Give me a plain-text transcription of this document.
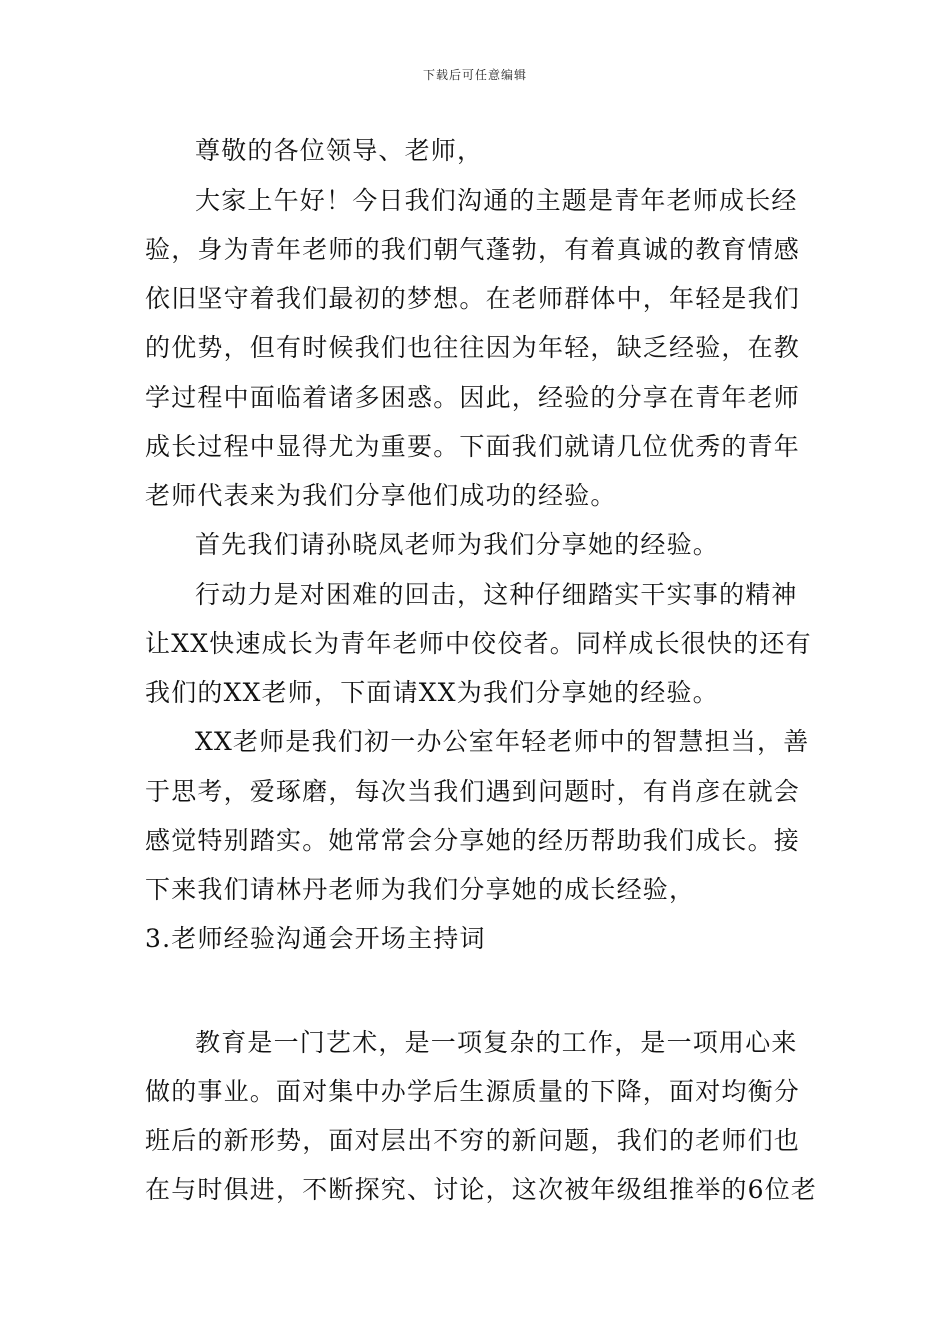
下载后可任意编辑
尊敬的各位领导、老师，
大家上午好！今日我们沟通的主题是青年老师成长经
验，身为青年老师的我们朝气蓬勃，有着真诚的教育情感
依旧坚守着我们最初的梦想。在老师群体中，年轻是我们
的优势，但有时候我们也往往因为年轻，缺乏经验，在教
学过程中面临着诸多困惑。因此，经验的分享在青年老师
成长过程中显得尤为重要。下面我们就请几位优秀的青年
老师代表来为我们分享他们成功的经验。
首先我们请孙晓凤老师为我们分享她的经验。
行动力是对困难的回击，这种仔细踏实干实事的精神
让XX快速成长为青年老师中佼佼者。同样成长很快的还有
我们的XX老师，下面请XX为我们分享她的经验。
XX老师是我们初一办公室年轻老师中的智慧担当，善
于思考，爱琢磨，每次当我们遇到问题时，有肖彦在就会
感觉特别踏实。她常常会分享她的经历帮助我们成长。接
下来我们请林丹老师为我们分享她的成长经验，
3.老师经验沟通会开场主持词
教育是一门艺术，是一项复杂的工作，是一项用心来
做的事业。面对集中办学后生源质量的下降，面对均衡分
班后的新形势，面对层出不穷的新问题，我们的老师们也
在与时俱进，不断探究、讨论，这次被年级组推举的6位老
